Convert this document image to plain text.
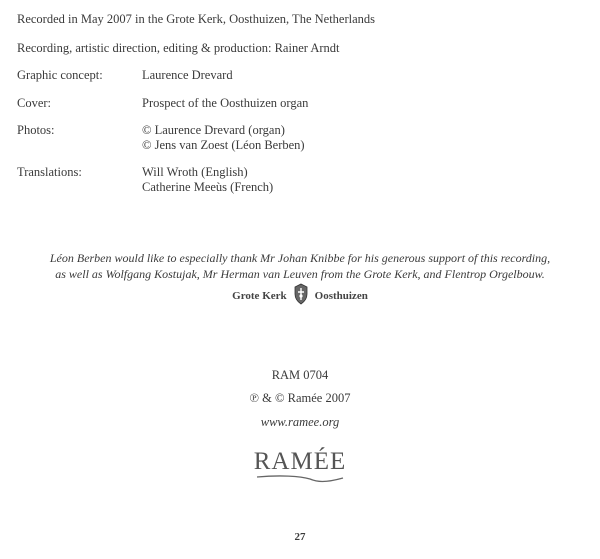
Recorded in May 2007 in the Grote Kerk, Oosthuizen, The Netherlands
Recording, artistic direction, editing & production: Rainer Arndt
Graphic concept:	Laurence Drevard
Cover:	Prospect of the Oosthuizen organ
Photos:	© Laurence Drevard (organ)
© Jens van Zoest (Léon Berben)
Translations:	Will Wroth (English)
Catherine Meeùs (French)
Léon Berben would like to especially thank Mr Johan Knibbe for his generous support of this recording,
as well as Wolfgang Kostujak, Mr Herman van Leuven from the Grote Kerk, and Flentrop Orgelbouw.
Grote Kerk	Oosthuizen
RAM 0704
℗ & © Ramée 2007
www.ramee.org
RAMÉE
27
